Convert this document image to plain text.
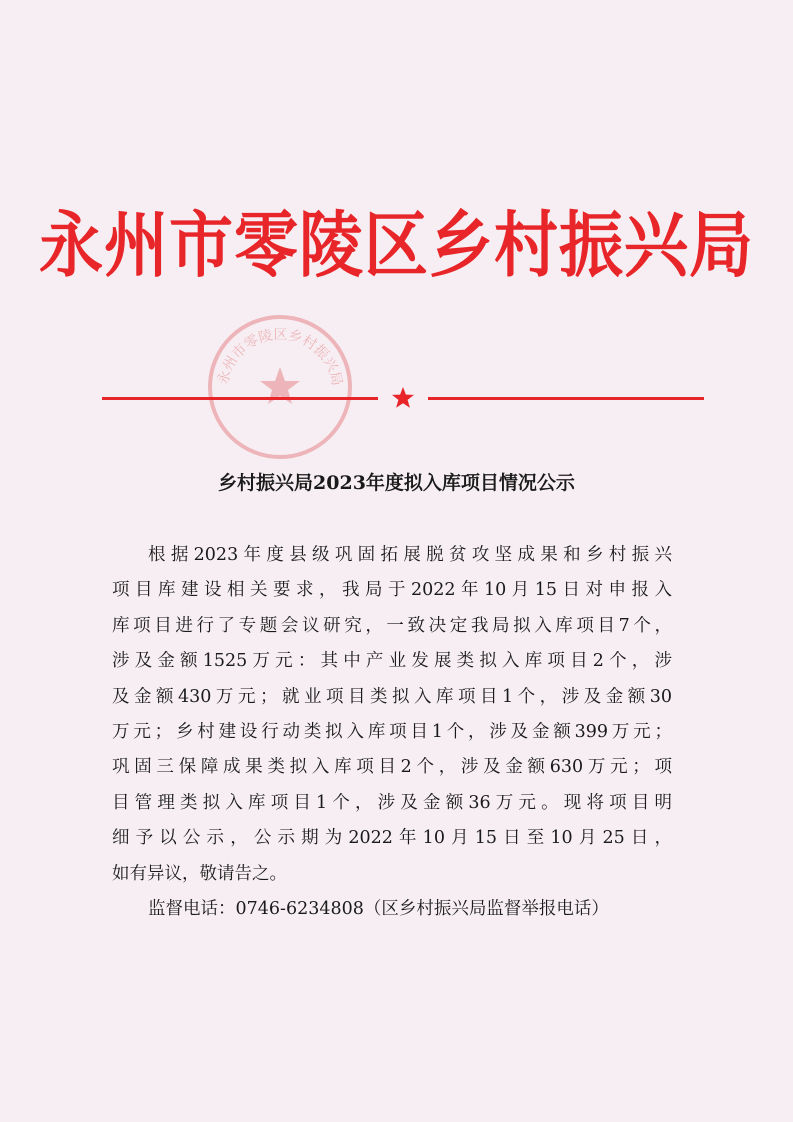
永州市零陵区乡村振兴局
永州市零陵区乡村振兴局
乡村振兴局2023年度拟入库项目情况公示

根据2023年度县级巩固拓展脱贫攻坚成果和乡村振兴
项目库建设相关要求，我局于2022年10月15日对申报入
库项目进行了专题会议研究，一致决定我局拟入库项目7个，
涉及金额1525万元：其中产业发展类拟入库项目2个，涉
及金额430万元；就业项目类拟入库项目1个，涉及金额30
万元；乡村建设行动类拟入库项目1个，涉及金额399万元；
巩固三保障成果类拟入库项目2个，涉及金额630万元；项
目管理类拟入库项目1个，涉及金额36万元。现将项目明
细予以公示，公示期为2022年10月15日至10月25日，
如有异议，敬请告之。

监督电话：0746-6234808（区乡村振兴局监督举报电话）
